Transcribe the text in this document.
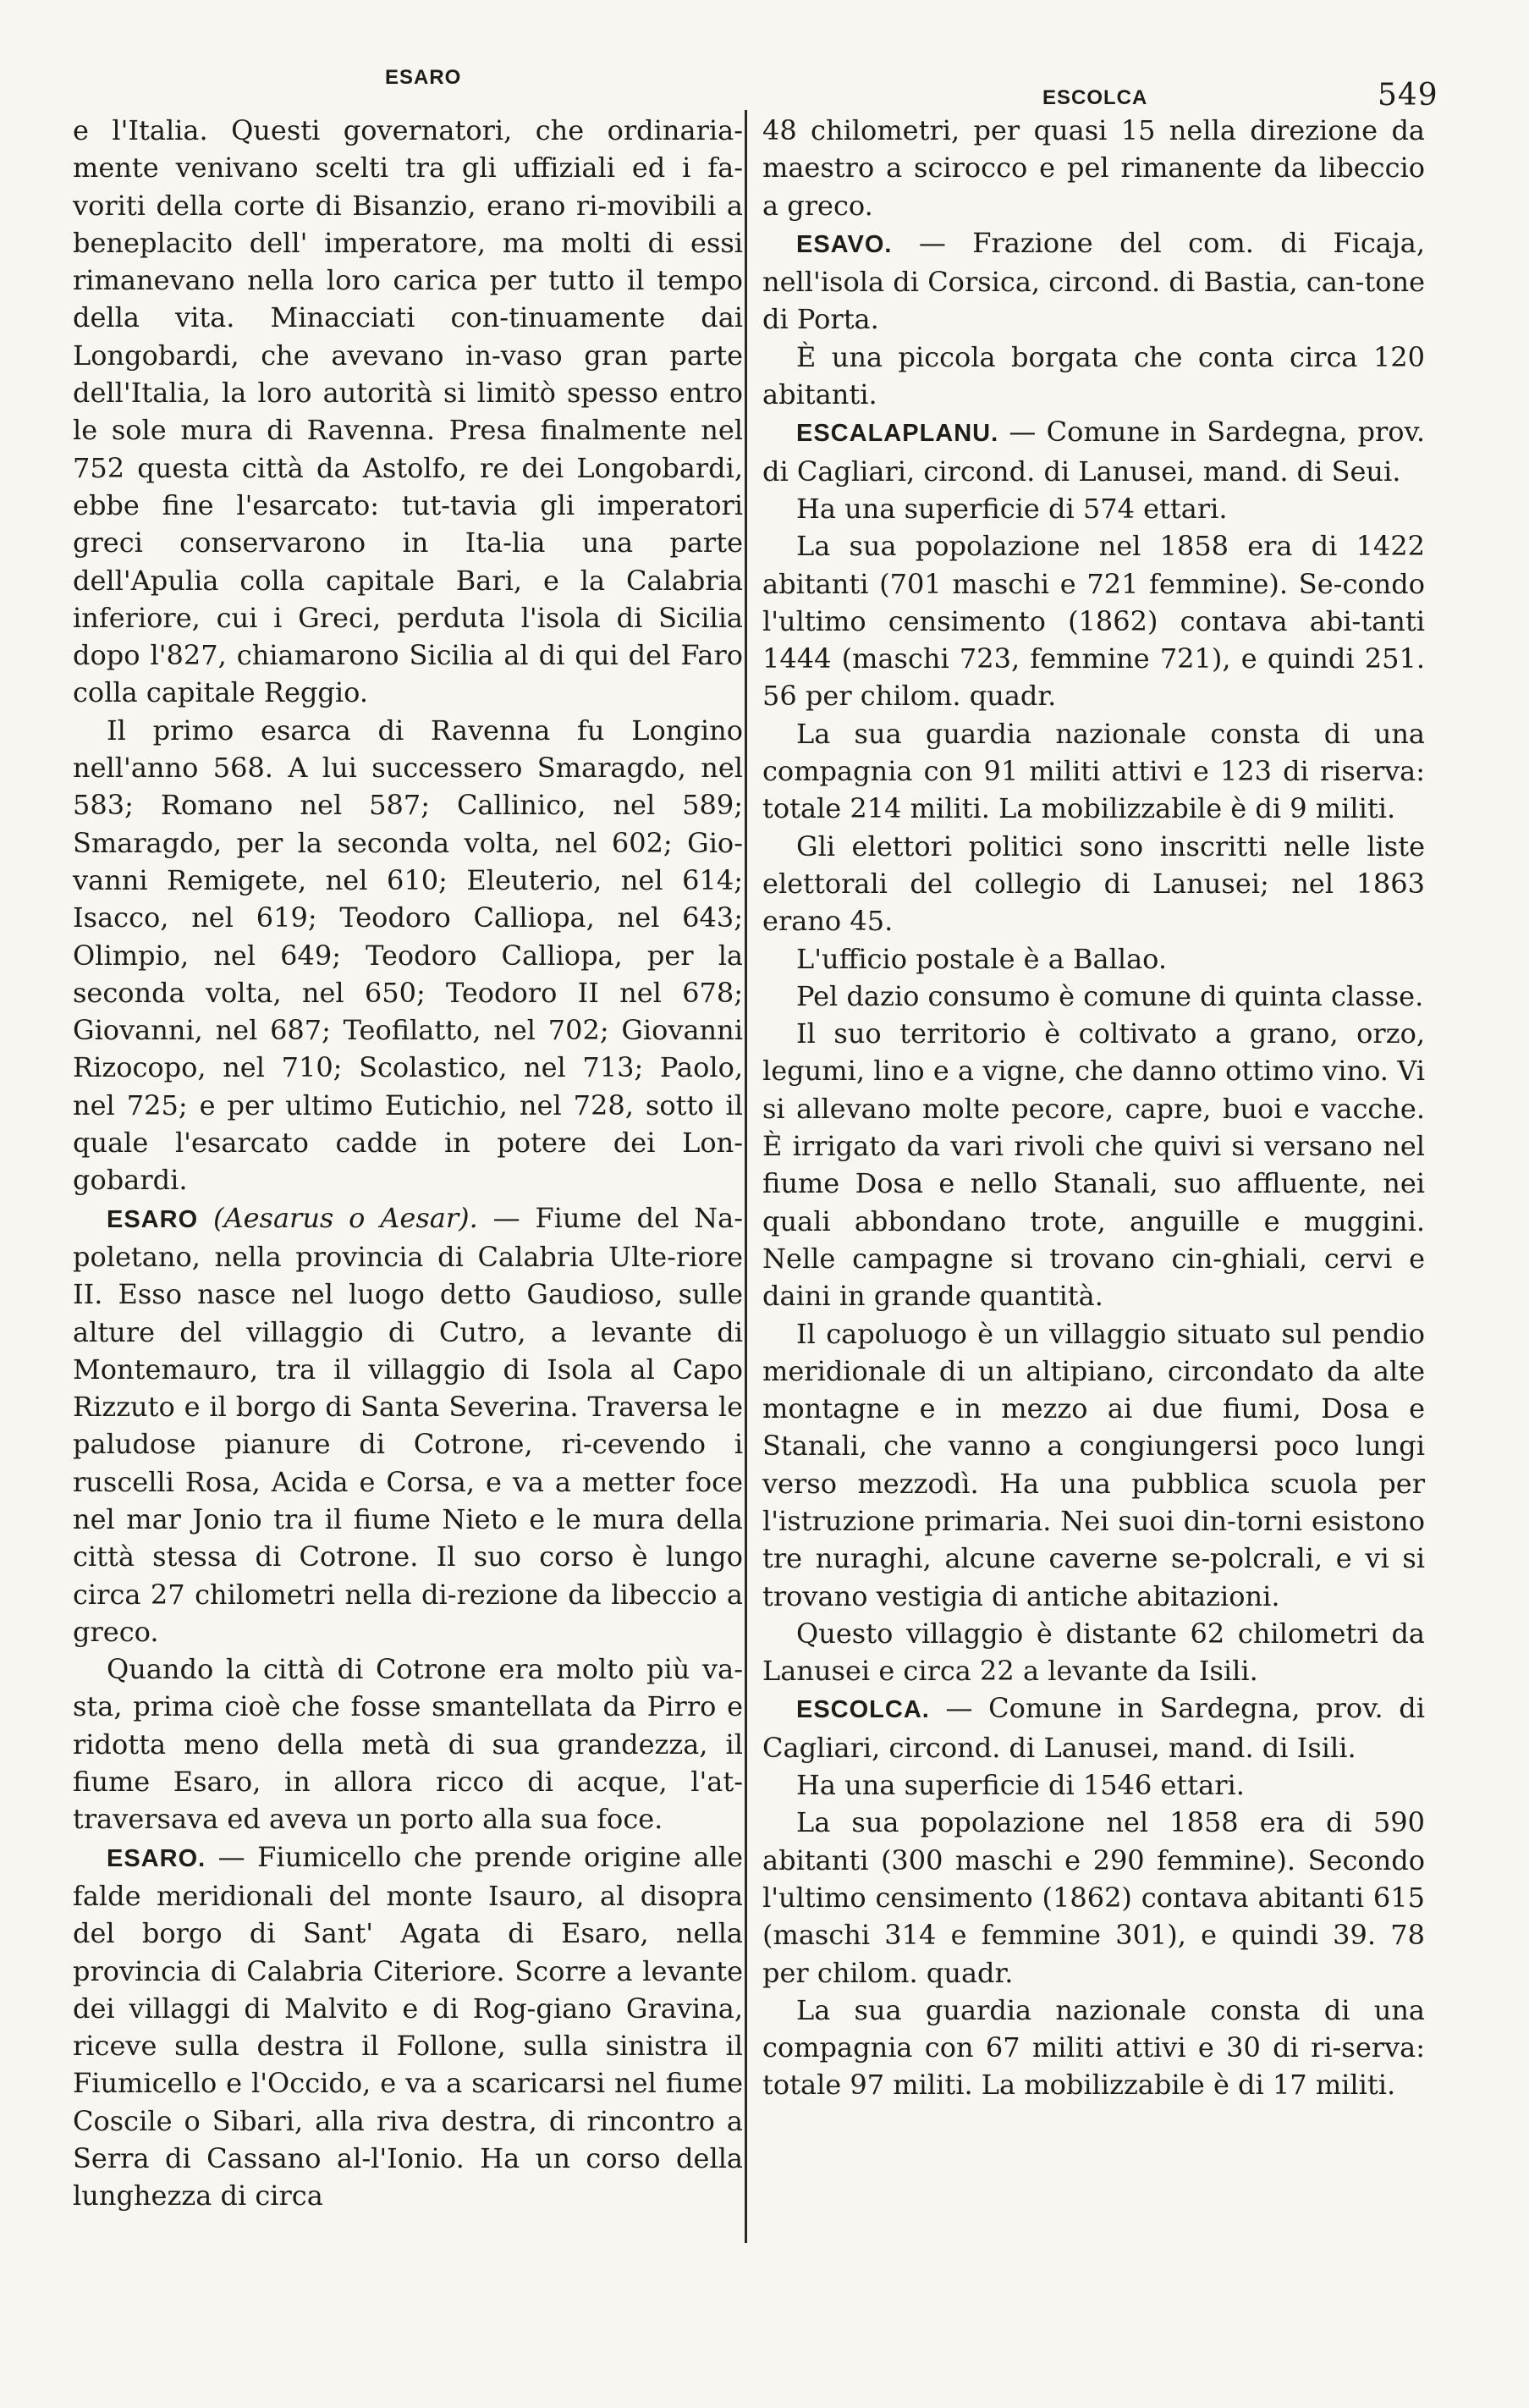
ESARO
ESCOLCA	549

e l'Italia. Questi governatori, che ordinaria-mente venivano scelti tra gli uffiziali ed i fa-voriti della corte di Bisanzio, erano ri-movibili a beneplacito dell' imperatore, ma molti di essi rimanevano nella loro carica per tutto il tempo della vita. Minacciati con-tinuamente dai Longobardi, che avevano in-vaso gran parte dell'Italia, la loro autorità si limitò spesso entro le sole mura di Ravenna. Presa finalmente nel 752 questa città da Astolfo, re dei Longobardi, ebbe fine l'esarcato: tut-tavia gli imperatori greci conservarono in Ita-lia una parte dell'Apulia colla capitale Bari, e la Calabria inferiore, cui i Greci, perduta l'isola di Sicilia dopo l'827, chiamarono Sicilia al di qui del Faro colla capitale Reggio.

Il primo esarca di Ravenna fu Longino nell'anno 568. A lui successero Smaragdo, nel 583; Romano nel 587; Callinico, nel 589; Smaragdo, per la seconda volta, nel 602; Gio-vanni Remigete, nel 610; Eleuterio, nel 614; Isacco, nel 619; Teodoro Calliopa, nel 643; Olimpio, nel 649; Teodoro Calliopa, per la seconda volta, nel 650; Teodoro II nel 678; Giovanni, nel 687; Teofilatto, nel 702; Giovanni Rizocopo, nel 710; Scolastico, nel 713; Paolo, nel 725; e per ultimo Eutichio, nel 728, sotto il quale l'esarcato cadde in potere dei Lon-gobardi.

ESARO (Aesarus o Aesar). — Fiume del Na-poletano, nella provincia di Calabria Ulte-riore II. Esso nasce nel luogo detto Gaudioso, sulle alture del villaggio di Cutro, a levante di Montemauro, tra il villaggio di Isola al Capo Rizzuto e il borgo di Santa Severina. Traversa le paludose pianure di Cotrone, ri-cevendo i ruscelli Rosa, Acida e Corsa, e va a metter foce nel mar Jonio tra il fiume Nieto e le mura della città stessa di Cotrone. Il suo corso è lungo circa 27 chilometri nella di-rezione da libeccio a greco.

Quando la città di Cotrone era molto più va-sta, prima cioè che fosse smantellata da Pirro e ridotta meno della metà di sua grandezza, il fiume Esaro, in allora ricco di acque, l'at-traversava ed aveva un porto alla sua foce.

ESARO. — Fiumicello che prende origine alle falde meridionali del monte Isauro, al disopra del borgo di Sant' Agata di Esaro, nella provincia di Calabria Citeriore. Scorre a levante dei villaggi di Malvito e di Rog-giano Gravina, riceve sulla destra il Follone, sulla sinistra il Fiumicello e l'Occido, e va a scaricarsi nel fiume Coscile o Sibari, alla riva destra, di rincontro a Serra di Cassano al-l'Ionio. Ha un corso della lunghezza di circa

48 chilometri, per quasi 15 nella direzione da maestro a scirocco e pel rimanente da libeccio a greco.

ESAVO. — Frazione del com. di Ficaja, nell'isola di Corsica, circond. di Bastia, can-tone di Porta.

È una piccola borgata che conta circa 120 abitanti.

ESCALAPLANU. — Comune in Sardegna, prov. di Cagliari, circond. di Lanusei, mand. di Seui.

Ha una superficie di 574 ettari.

La sua popolazione nel 1858 era di 1422 abitanti (701 maschi e 721 femmine). Se-condo l'ultimo censimento (1862) contava abi-tanti 1444 (maschi 723, femmine 721), e quindi 251. 56 per chilom. quadr.

La sua guardia nazionale consta di una compagnia con 91 militi attivi e 123 di riserva: totale 214 militi. La mobilizzabile è di 9 militi.

Gli elettori politici sono inscritti nelle liste elettorali del collegio di Lanusei; nel 1863 erano 45.

L'ufficio postale è a Ballao.

Pel dazio consumo è comune di quinta classe.

Il suo territorio è coltivato a grano, orzo, legumi, lino e a vigne, che danno ottimo vino. Vi si allevano molte pecore, capre, buoi e vacche. È irrigato da vari rivoli che quivi si versano nel fiume Dosa e nello Stanali, suo affluente, nei quali abbondano trote, anguille e muggini. Nelle campagne si trovano cin-ghiali, cervi e daini in grande quantità.

Il capoluogo è un villaggio situato sul pendio meridionale di un altipiano, circondato da alte montagne e in mezzo ai due fiumi, Dosa e Stanali, che vanno a congiungersi poco lungi verso mezzodì. Ha una pubblica scuola per l'istruzione primaria. Nei suoi din-torni esistono tre nuraghi, alcune caverne se-polcrali, e vi si trovano vestigia di antiche abitazioni.

Questo villaggio è distante 62 chilometri da Lanusei e circa 22 a levante da Isili.

ESCOLCA. — Comune in Sardegna, prov. di Cagliari, circond. di Lanusei, mand. di Isili.

Ha una superficie di 1546 ettari.

La sua popolazione nel 1858 era di 590 abitanti (300 maschi e 290 femmine). Secondo l'ultimo censimento (1862) contava abitanti 615 (maschi 314 e femmine 301), e quindi 39. 78 per chilom. quadr.

La sua guardia nazionale consta di una compagnia con 67 militi attivi e 30 di ri-serva: totale 97 militi. La mobilizzabile è di 17 militi.
